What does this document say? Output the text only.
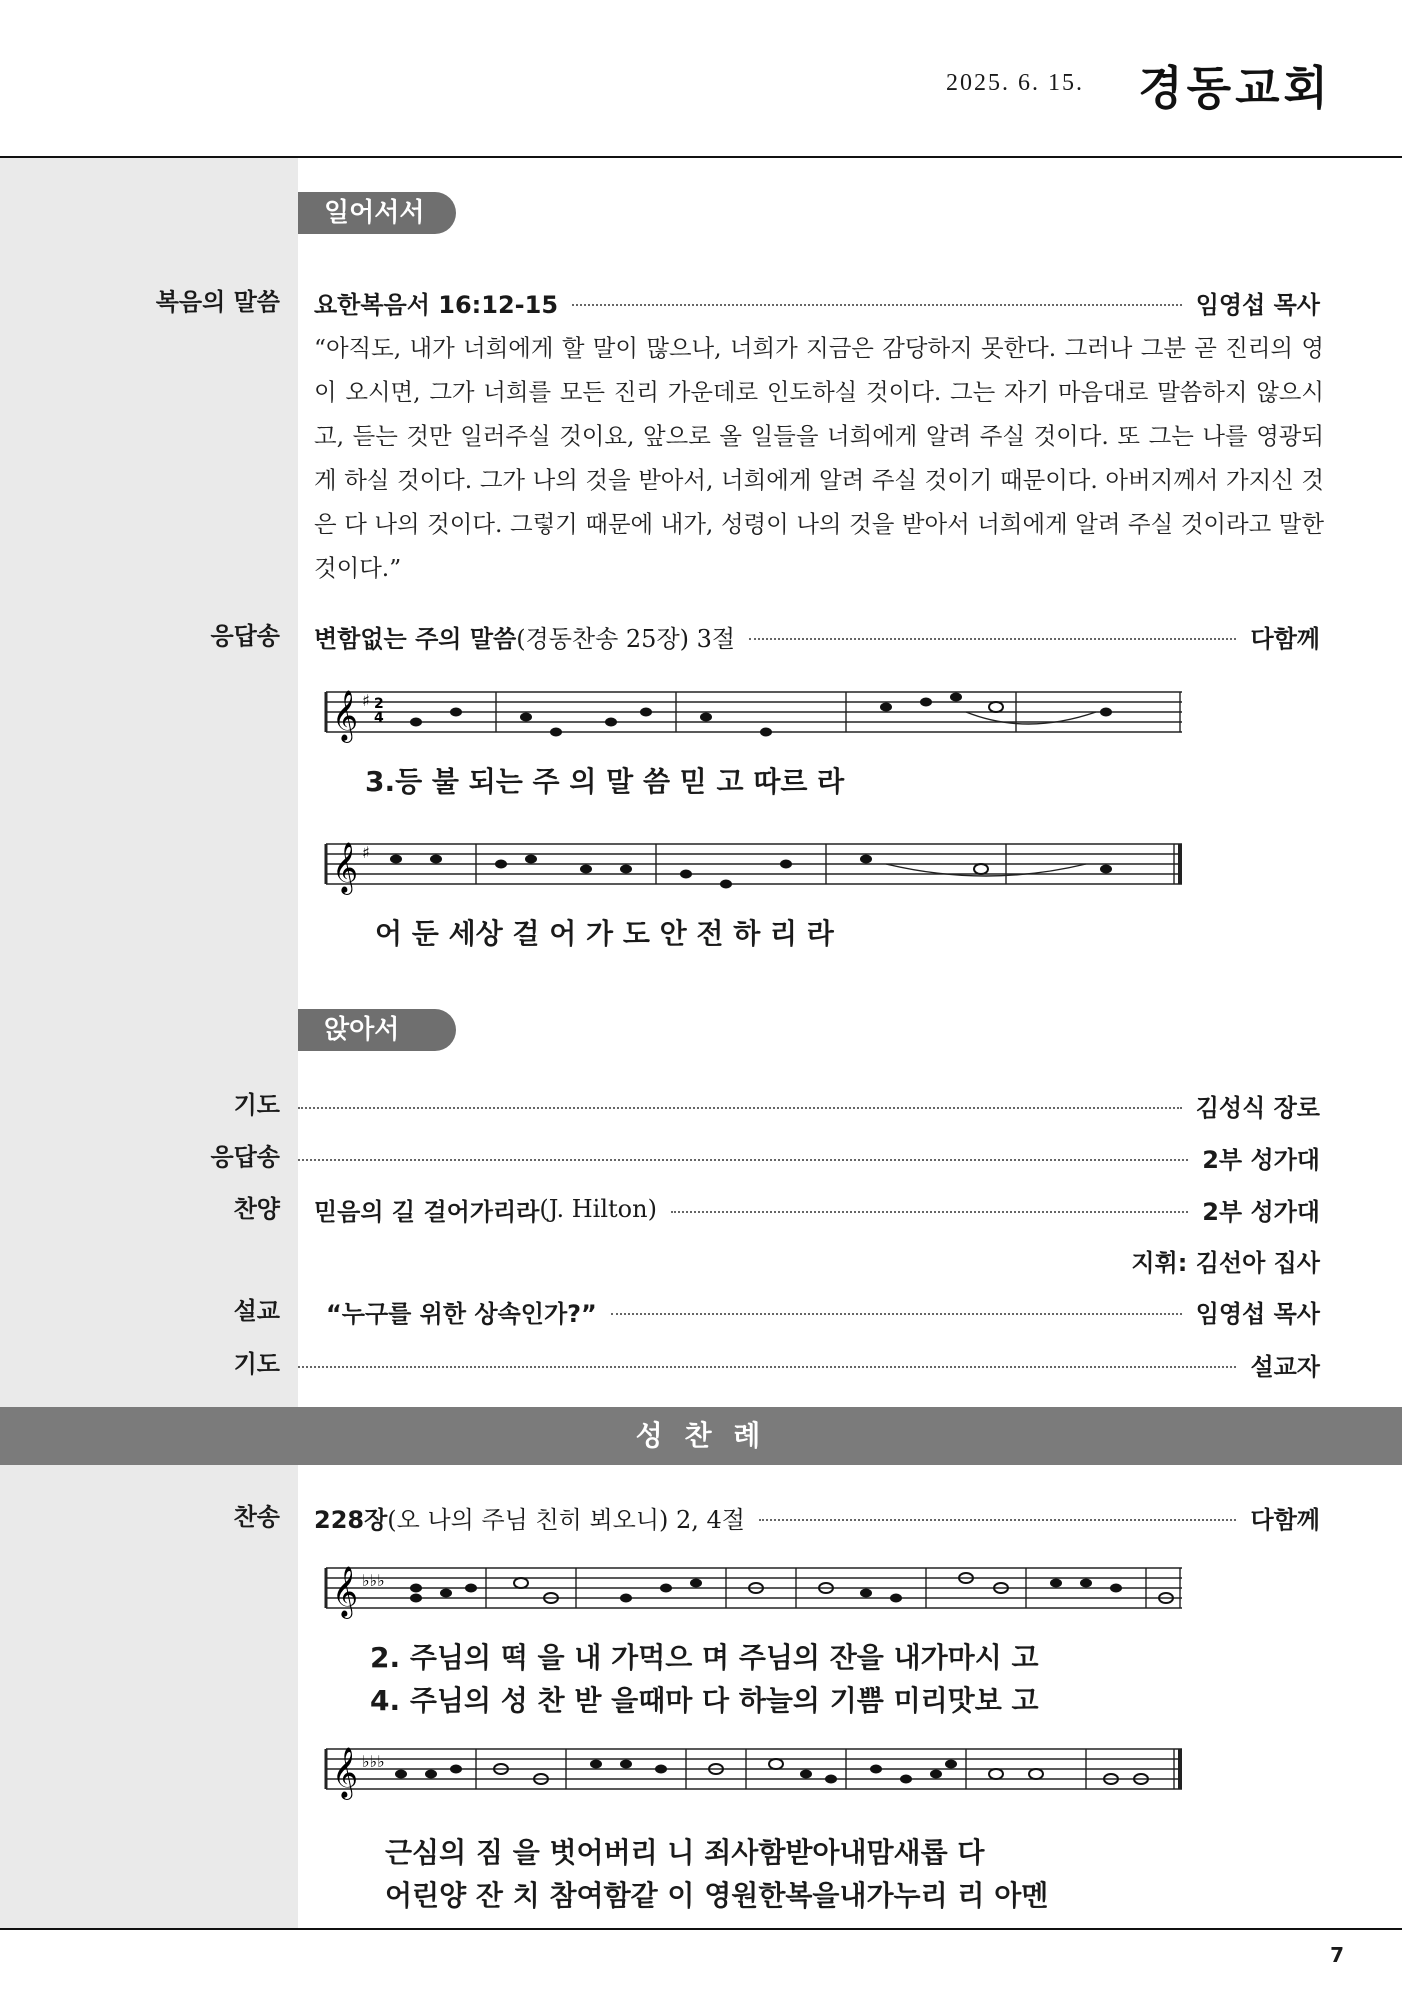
2025. 6. 15. 경동교회
일어서서
복음의 말씀 요한복음서 16:12-15	임영섭 목사
“아직도, 내가 너희에게 할 말이 많으나, 너희가 지금은 감당하지 못한다. 그러나 그분 곧 진리의 영이 오시면, 그가 너희를 모든 진리 가운데로 인도하실 것이다. 그는 자기 마음대로 말씀하지 않으시고, 듣는 것만 일러주실 것이요, 앞으로 올 일들을 너희에게 알려 주실 것이다. 또 그는 나를 영광되게 하실 것이다. 그가 나의 것을 받아서, 너희에게 알려 주실 것이기 때문이다. 아버지께서 가지신 것은 다 나의 것이다. 그렇기 때문에 내가, 성령이 나의 것을 받아서 너희에게 알려 주실 것이라고 말한 것이다.”
응답송 변함없는 주의 말씀 (경동찬송 25장) 3절	다함께
𝄞 ♯ 2
4
3.등 불 되는 주 의 말 씀 믿 고 따르 라
𝄞 ♯
어 둔 세상 걸 어 가 도 안 전 하 리 라
앉아서
기도	김성식 장로
응답송	2부 성가대
찬양 믿음의 길 걸어가리라 (J. Hilton)	2부 성가대
지휘: 김선아 집사
설교 “누구를 위한 상속인가?”	임영섭 목사
기도	설교자
성 찬 례
찬송 228장 (오 나의 주님 친히 뵈오니) 2, 4절	다함께
𝄞 ♭♭♭
2. 주님의 떡 을 내 가먹으 며 주님의 잔을 내가마시 고
4. 주님의 성 찬 받 을때마 다 하늘의 기쁨 미리맛보 고
𝄞 ♭♭♭
근심의 짐 을 벗어버리 니 죄사함받아내맘새롭 다
어린양 잔 치 참여함같 이 영원한복을내가누리 리 아멘
7
